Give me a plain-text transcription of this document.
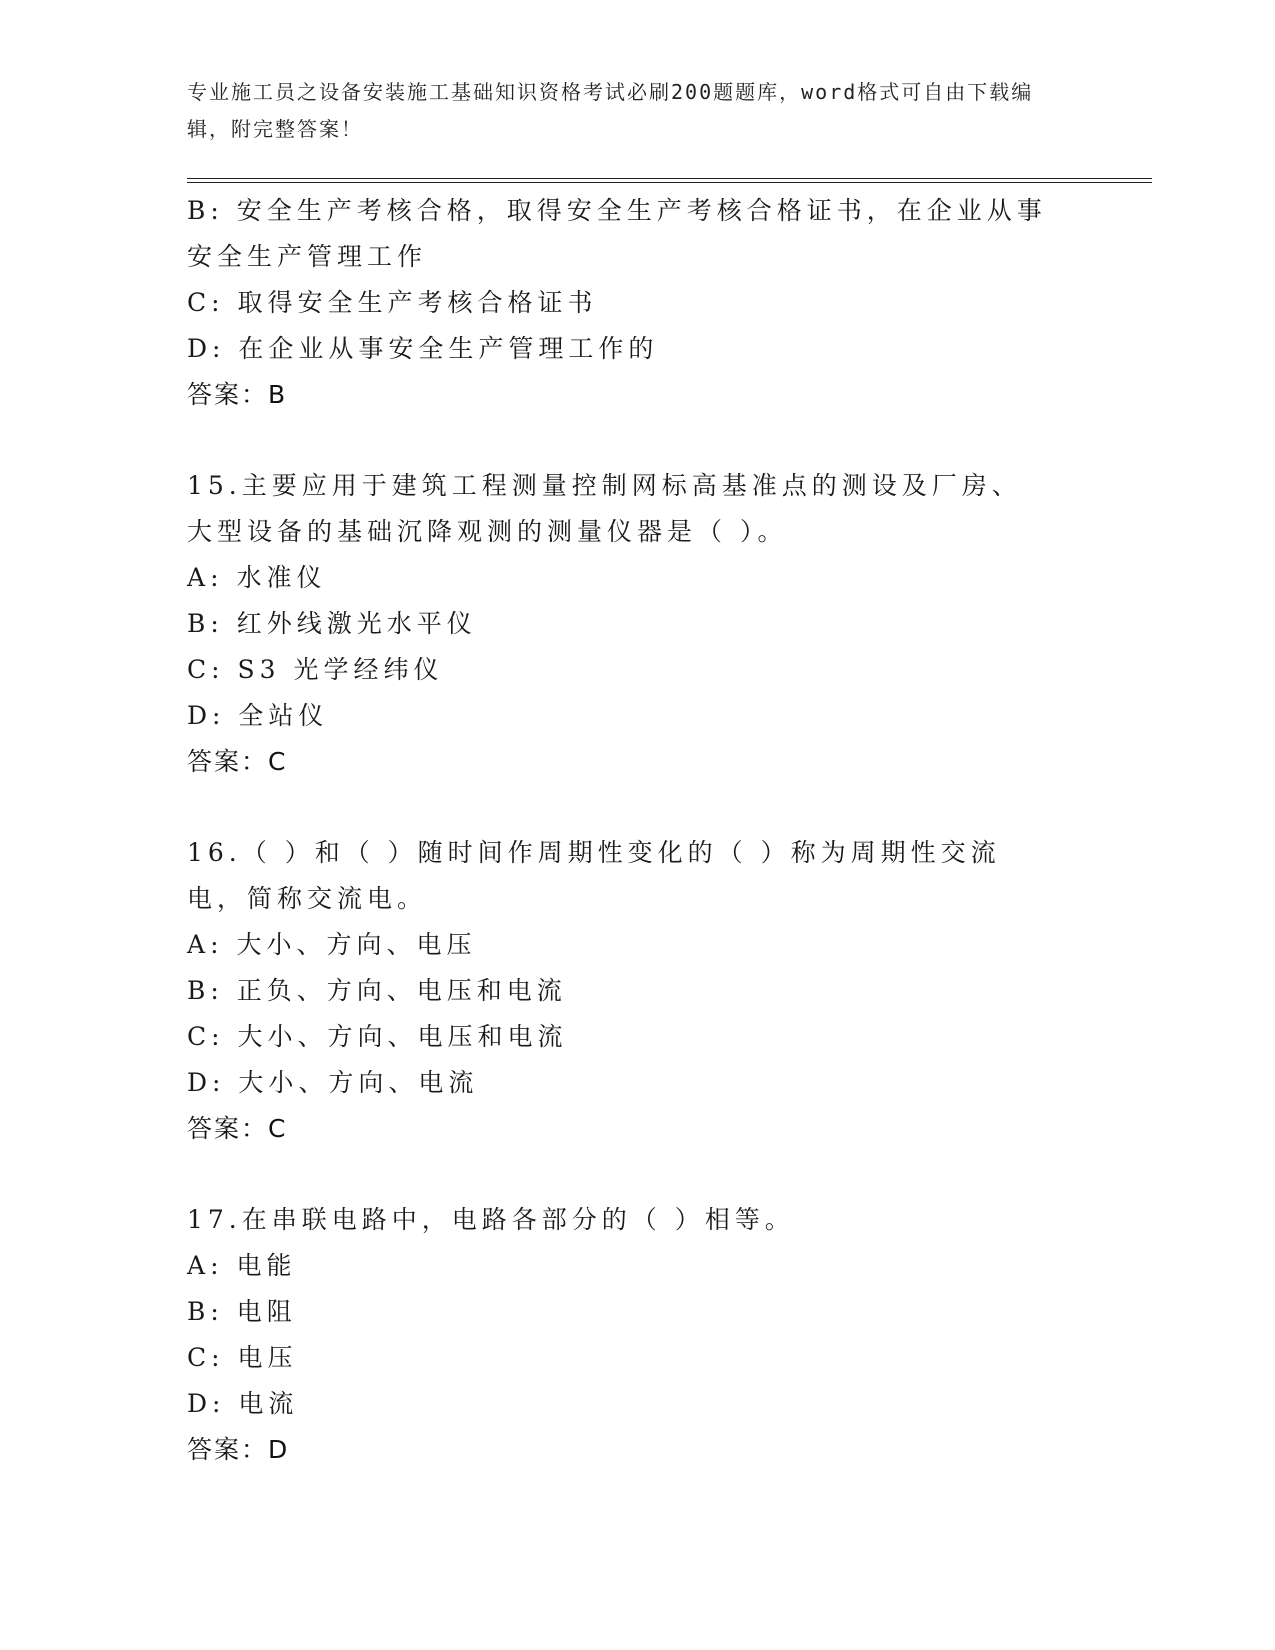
专业施工员之设备安装施工基础知识资格考试必刷200题题库，word格式可自由下载编辑，附完整答案！
B: 安全生产考核合格，取得安全生产考核合格证书，在企业从事安全生产管理工作
C: 取得安全生产考核合格证书
D: 在企业从事安全生产管理工作的
答案：B
15.主要应用于建筑工程测量控制网标高基准点的测设及厂房、大型设备的基础沉降观测的测量仪器是（ ）。
A: 水准仪
B: 红外线激光水平仪
C: S3 光学经纬仪
D: 全站仪
答案：C
16.（ ）和（ ）随时间作周期性变化的（ ）称为周期性交流电，简称交流电。
A: 大小、方向、电压
B: 正负、方向、电压和电流
C: 大小、方向、电压和电流
D: 大小、方向、电流
答案：C
17.在串联电路中，电路各部分的（ ）相等。
A: 电能
B: 电阻
C: 电压
D: 电流
答案：D
